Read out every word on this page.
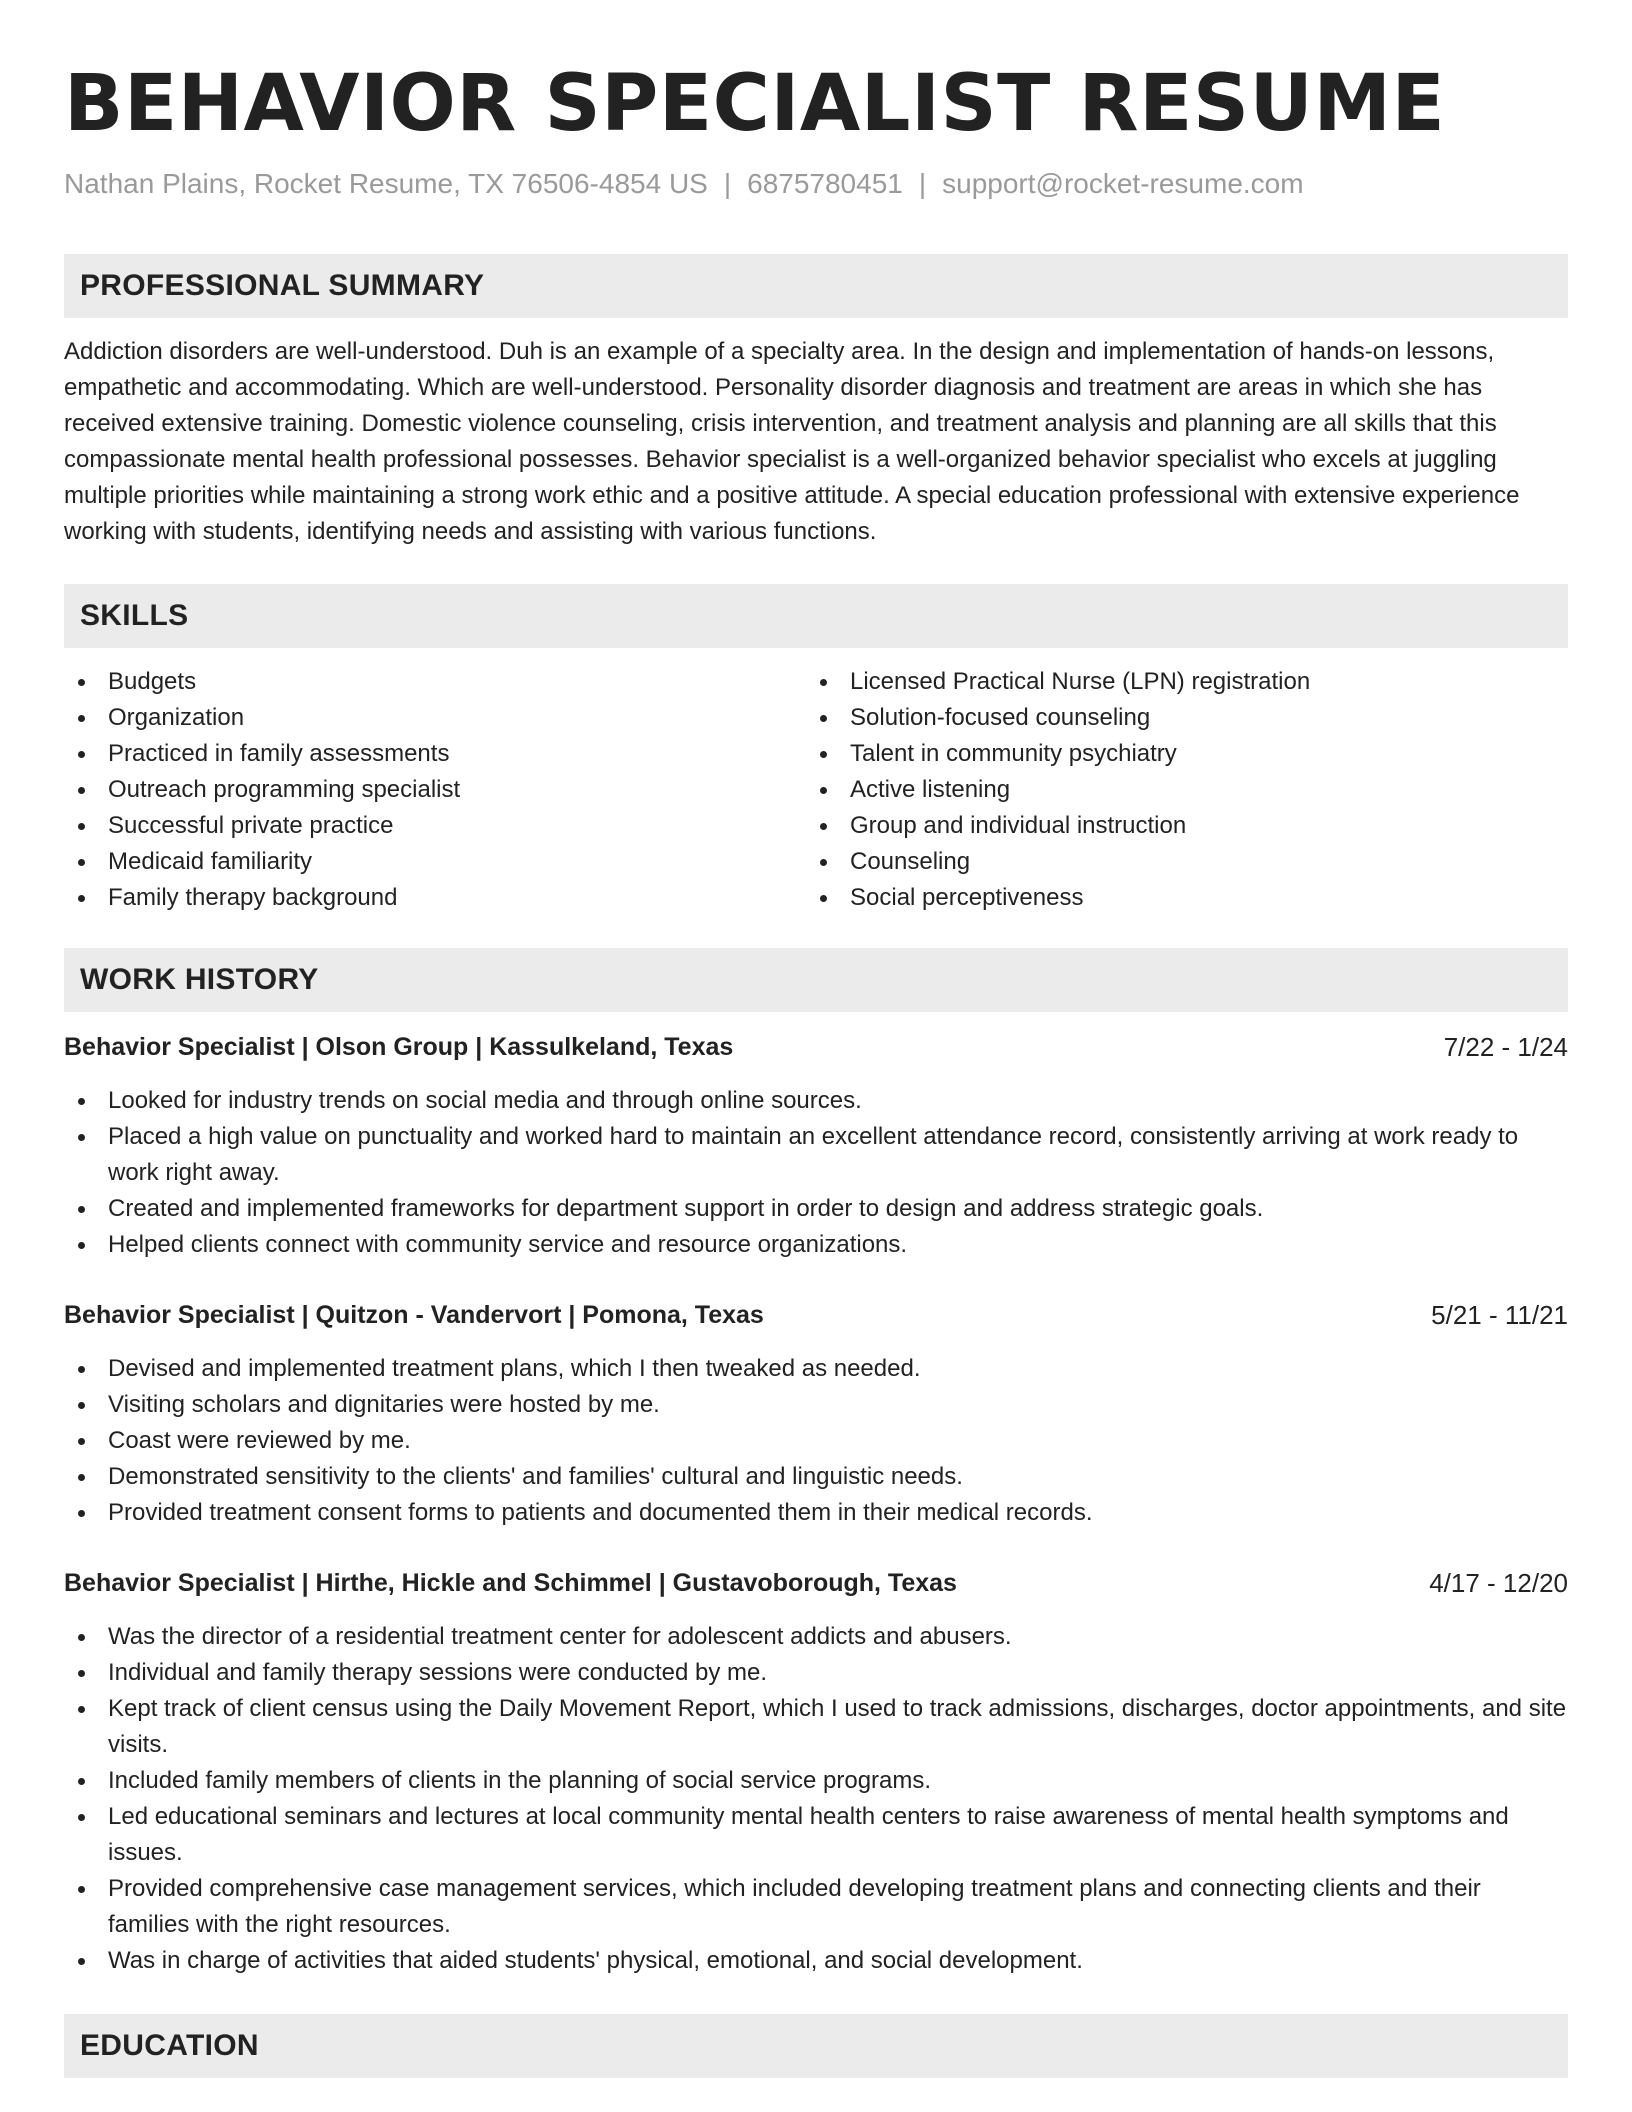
BEHAVIOR SPECIALIST RESUME
Nathan Plains, Rocket Resume, TX 76506-4854 US | 6875780451 | support@rocket-resume.com
PROFESSIONAL SUMMARY

Addiction disorders are well-understood. Duh is an example of a specialty area. In the design and implementation of hands-on lessons, empathetic and accommodating. Which are well-understood. Personality disorder diagnosis and treatment are areas in which she has received extensive training. Domestic violence counseling, crisis intervention, and treatment analysis and planning are all skills that this compassionate mental health professional possesses. Behavior specialist is a well-organized behavior specialist who excels at juggling multiple priorities while maintaining a strong work ethic and a positive attitude. A special education professional with extensive experience working with students, identifying needs and assisting with various functions.

SKILLS
Budgets
Organization
Practiced in family assessments
Outreach programming specialist
Successful private practice
Medicaid familiarity
Family therapy background
Licensed Practical Nurse (LPN) registration
Solution-focused counseling
Talent in community psychiatry
Active listening
Group and individual instruction
Counseling
Social perceptiveness
WORK HISTORY
Behavior Specialist | Olson Group | Kassulkeland, Texas	7/22 - 1/24
Looked for industry trends on social media and through online sources.
Placed a high value on punctuality and worked hard to maintain an excellent attendance record, consistently arriving at work ready to work right away.
Created and implemented frameworks for department support in order to design and address strategic goals.
Helped clients connect with community service and resource organizations.
Behavior Specialist | Quitzon - Vandervort | Pomona, Texas	5/21 - 11/21
Devised and implemented treatment plans, which I then tweaked as needed.
Visiting scholars and dignitaries were hosted by me.
Coast were reviewed by me.
Demonstrated sensitivity to the clients' and families' cultural and linguistic needs.
Provided treatment consent forms to patients and documented them in their medical records.
Behavior Specialist | Hirthe, Hickle and Schimmel | Gustavoborough, Texas	4/17 - 12/20
Was the director of a residential treatment center for adolescent addicts and abusers.
Individual and family therapy sessions were conducted by me.
Kept track of client census using the Daily Movement Report, which I used to track admissions, discharges, doctor appointments, and site visits.
Included family members of clients in the planning of social service programs.
Led educational seminars and lectures at local community mental health centers to raise awareness of mental health symptoms and issues.
Provided comprehensive case management services, which included developing treatment plans and connecting clients and their families with the right resources.
Was in charge of activities that aided students' physical, emotional, and social development.
EDUCATION
